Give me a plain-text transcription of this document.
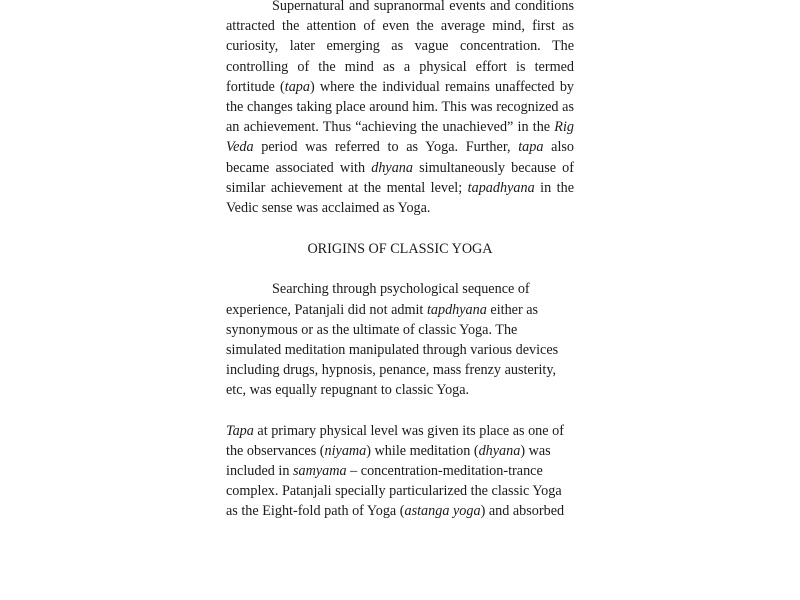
Supernatural and supranormal events and conditions attracted the attention of even the average mind, first as curiosity, later emerging as vague concentration. The controlling of the mind as a physical effort is termed fortitude (tapa) where the individual remains unaffected by the changes taking place around him. This was recognized as an achievement. Thus “achieving the unachieved” in the Rig Veda period was referred to as Yoga. Further, tapa also became associated with dhyana simultaneously because of similar achievement at the mental level; tapadhyana in the Vedic sense was acclaimed as Yoga.

ORIGINS OF CLASSIC YOGA

Searching through psychological sequence of experience, Patanjali did not admit tapdhyana either as synonymous or as the ultimate of classic Yoga. The simulated meditation manipulated through various devices including drugs, hypnosis, penance, mass frenzy austerity, etc, was equally repugnant to classic Yoga.

Tapa at primary physical level was given its place as one of the observances (niyama) while meditation (dhyana) was included in samyama – concentration-meditation-trance complex. Patanjali specially particularized the classic Yoga as the Eight-fold path of Yoga (astanga yoga) and absorbed
